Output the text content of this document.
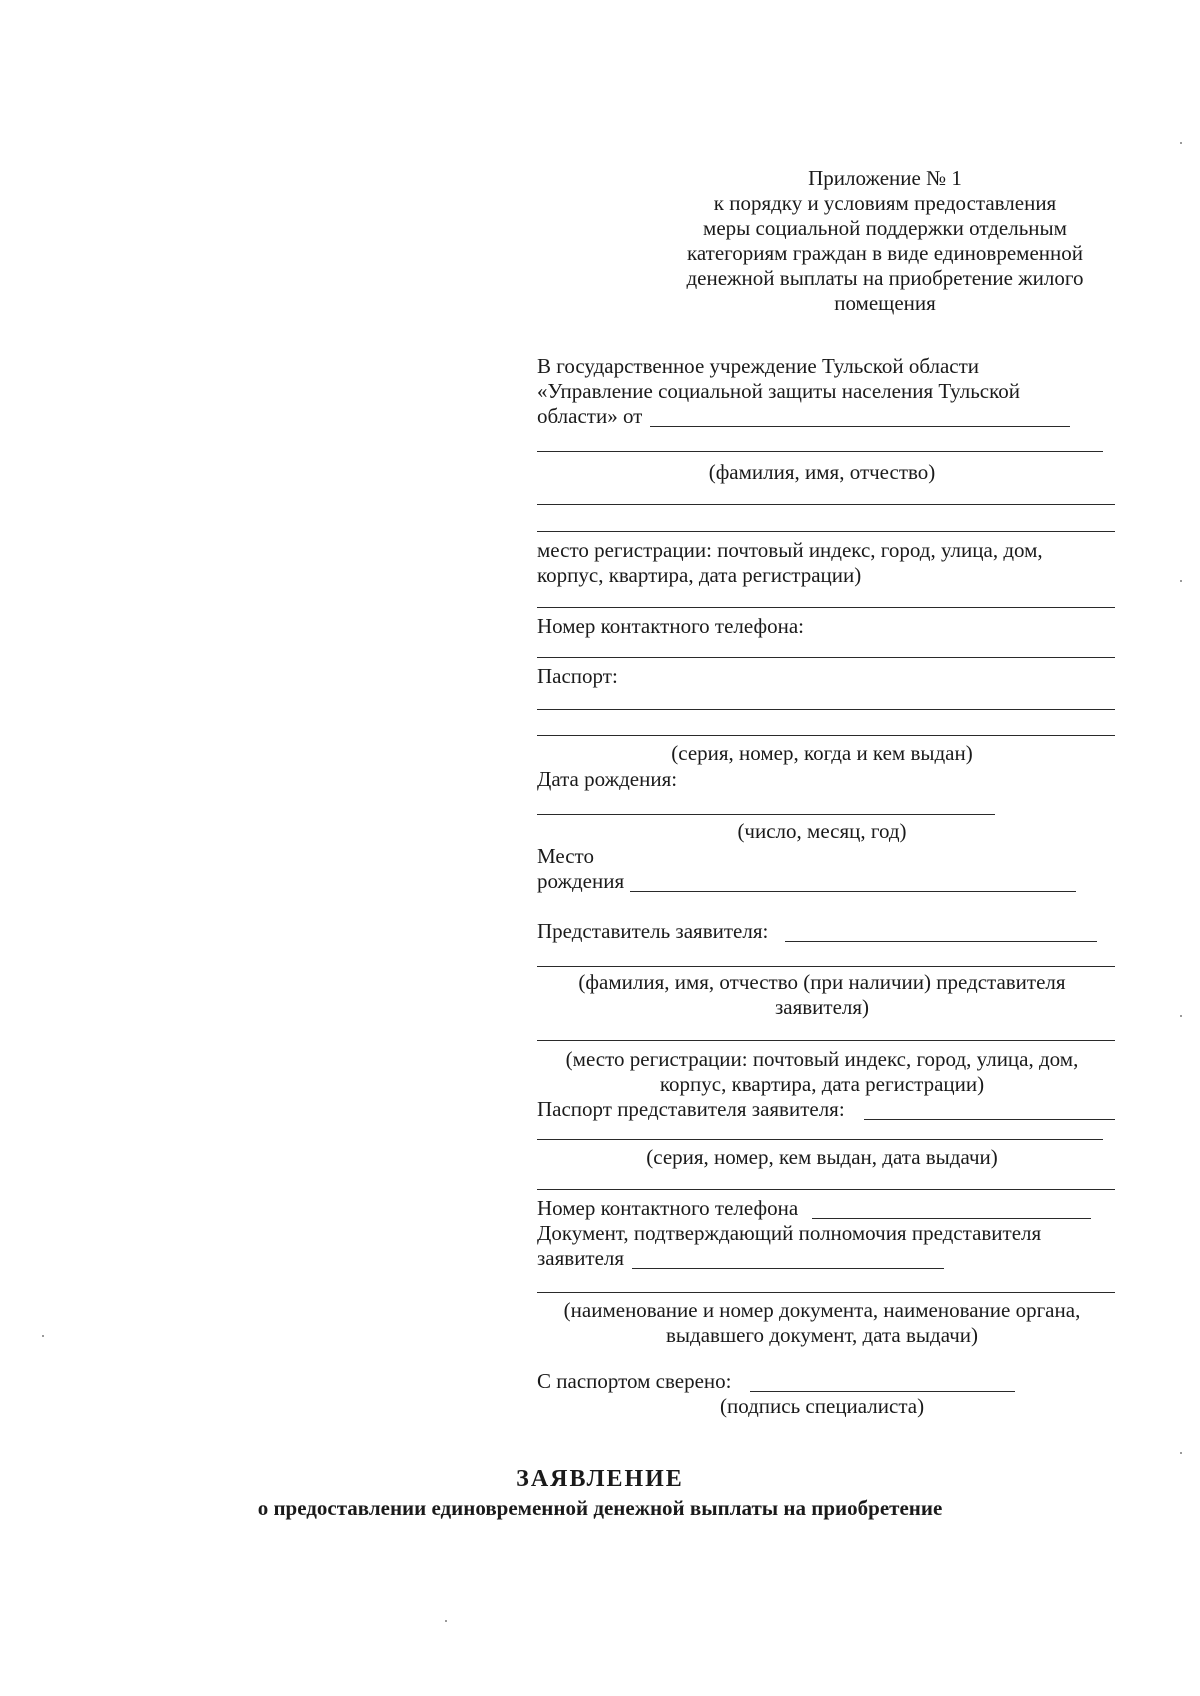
Приложение № 1
к порядку и условиям предоставления
меры социальной поддержки отдельным
категориям граждан в виде единовременной
денежной выплаты на приобретение жилого
помещения
В государственное учреждение Тульской области
«Управление социальной защиты населения Тульской
области» от
(фамилия, имя, отчество)
место регистрации: почтовый индекс, город, улица, дом,
корпус, квартира, дата регистрации)
Номер контактного телефона:
Паспорт:
(серия, номер, когда и кем выдан)
Дата рождения:
(число, месяц, год)
Место
рождения
Представитель заявителя:
(фамилия, имя, отчество (при наличии) представителя
заявителя)
(место регистрации: почтовый индекс, город, улица, дом,
корпус, квартира, дата регистрации)
Паспорт представителя заявителя:
(серия, номер, кем выдан, дата выдачи)
Номер контактного телефона
Документ, подтверждающий полномочия представителя
заявителя
(наименование и номер документа, наименование органа,
выдавшего документ, дата выдачи)
С паспортом сверено:
(подпись специалиста)
ЗАЯВЛЕНИЕ
о предоставлении единовременной денежной выплаты на приобретение
